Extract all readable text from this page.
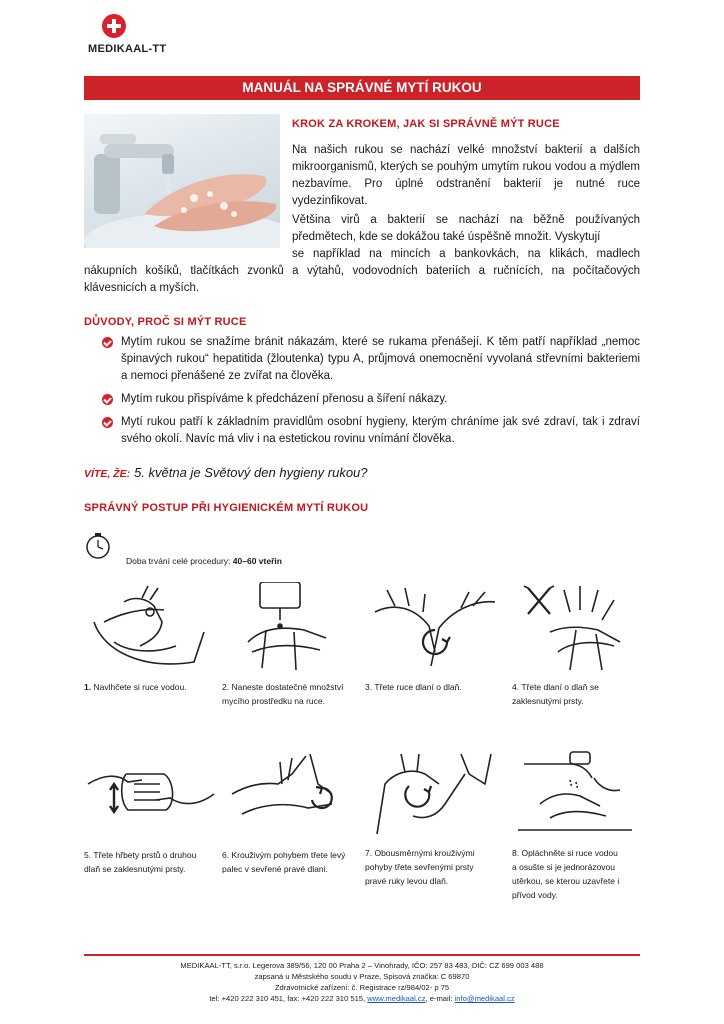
MEDIKAAL-TT
MANUÁL NA SPRÁVNÉ MYTÍ RUKOU
KROK ZA KROKEM, JAK SI SPRÁVNĚ MÝT RUCE

Na našich rukou se nachází velké množství bakterií a dalších mikroorganismů, kterých se pouhým umytím rukou vodou a mýdlem nezbavíme. Pro úplné odstranění bakterií je nutné ruce vydezinfikovat.

Většina virů a bakterií se nachází na běžně používaných předmětech, kde se dokážou také úspěšně množit. Vyskytují

se například na mincích a bankovkách, na klikách, madlech nákupních košíků, tlačítkách zvonků a výtahů, vodovodních bateriích a ručnících, na počítačových klávesnicích a myších.

DŮVODY, PROČ SI MÝT RUCE
Mytím rukou se snažíme bránit nákazám, které se rukama přenášejí. K těm patří například „nemoc špinavých rukou“ hepatitida (žloutenka) typu A, průjmová onemocnění vyvolaná střevními bakteriemi a nemoci přenášené ze zvířat na člověka.
Mytím rukou přispíváme k předcházení přenosu a šíření nákazy.
Mytí rukou patří k základním pravidlům osobní hygieny, kterým chráníme jak své zdraví, tak i zdraví svého okolí. Navíc má vliv i na estetickou rovinu vnímání člověka.
VÍTE, ŽE: 5. května je Světový den hygieny rukou?
SPRÁVNÝ POSTUP PŘI HYGIENICKÉM MYTÍ RUKOU
Doba trvání celé procedury: 40–60 vteřin
1. Navlhčete si ruce vodou.	2. Naneste dostatečné množství mycího prostředku na ruce.
3. Třete ruce dlaní o dlaň.	4. Třete dlaní o dlaň se zaklesnutými prsty.
5. Třete hřbety prstů o druhou dlaň se zaklesnutými prsty.
6. Krouživým pohybem třete levý palec v sevřené pravé dlani.
7. Obousměrnými krouživými pohyby třete sevřenými prsty pravé ruky levou dlaň.
8. Opláchněte si ruce vodou a osušte si je jednorázovou utěrkou, se kterou uzavřete i přívod vody.
MEDIKAAL-TT, s.r.o. Legerova 389/56, 120 00 Praha 2 – Vinohrady, IČO: 257 83 483, DIČ: CZ 699 003 488
zapsaná u Městského soudu v Praze, Spisová značka: C 69870
Zdravotnické zařízení: č. Registrace rz/984/02- p 75
tel: +420 222 310 451, fax: +420 222 310 515, www.medikaal.cz, e-mail: info@medikaal.cz
